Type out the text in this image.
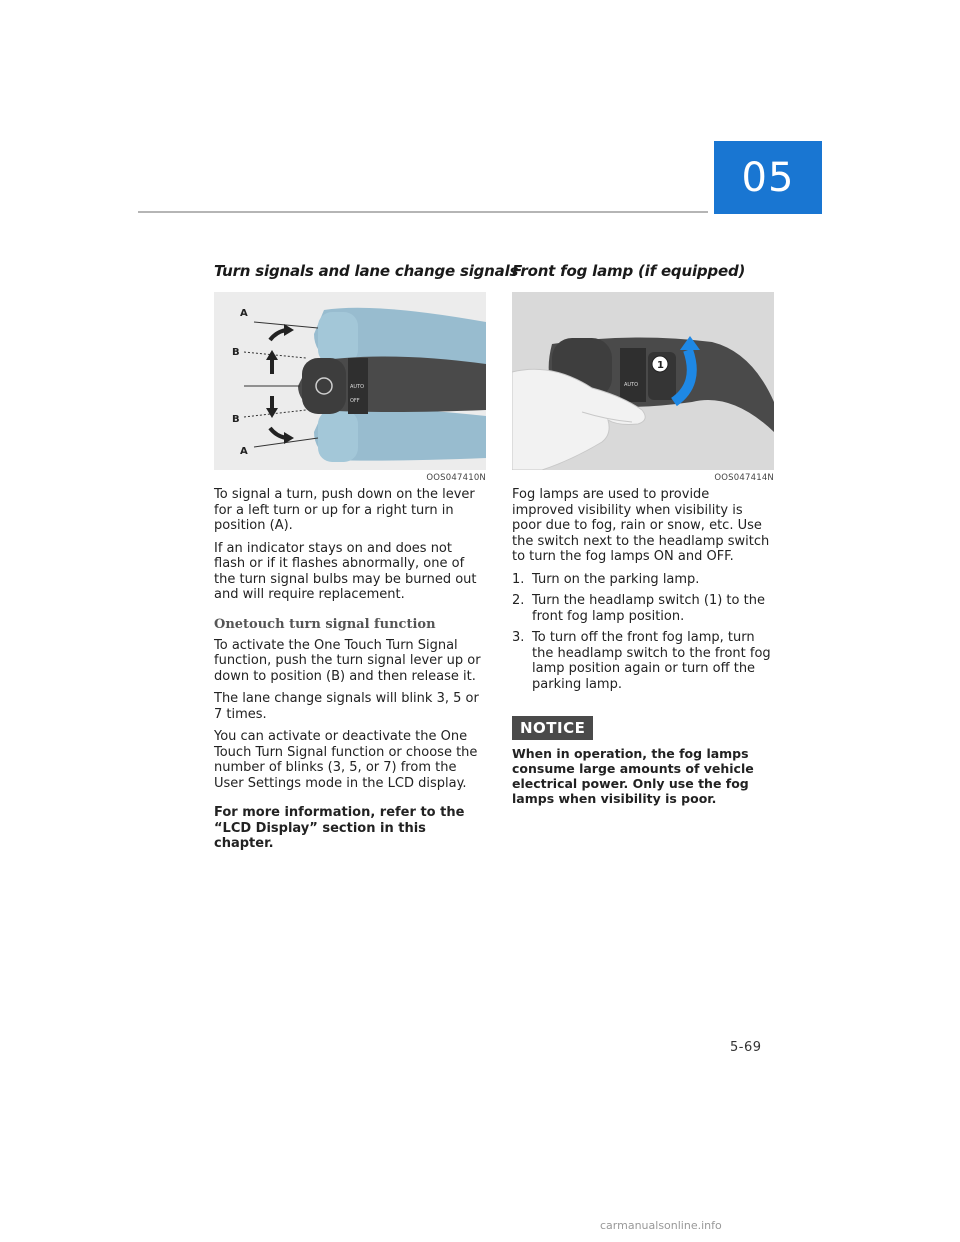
05
Turn signals and lane change signals
A
B
B
A
AUTO
OFF
OOS047410N

To signal a turn, push down on the lever for a left turn or up for a right turn in position (A).

If an indicator stays on and does not flash or if it flashes abnormally, one of the turn signal bulbs may be burned out and will require replacement.

Onetouch turn signal function

To activate the One Touch Turn Signal function, push the turn signal lever up or down to position (B) and then release it.

The lane change signals will blink 3, 5 or 7 times.

You can activate or deactivate the One Touch Turn Signal function or choose the number of blinks (3, 5, or 7) from the User Settings mode in the LCD display.

For more information, refer to the “LCD Display” section in this chapter.

Front fog lamp (if equipped)
1
AUTO
OOS047414N

Fog lamps are used to provide improved visibility when visibility is poor due to fog, rain or snow, etc. Use the switch next to the headlamp switch to turn the fog lamps ON and OFF.

1. Turn on the parking lamp.
2. Turn the headlamp switch (1) to the front fog lamp position.
3. To turn off the front fog lamp, turn the headlamp switch to the front fog lamp position again or turn off the parking lamp.
NOTICE

When in operation, the fog lamps consume large amounts of vehicle electrical power. Only use the fog lamps when visibility is poor.

5-69
carmanualsonline.info
